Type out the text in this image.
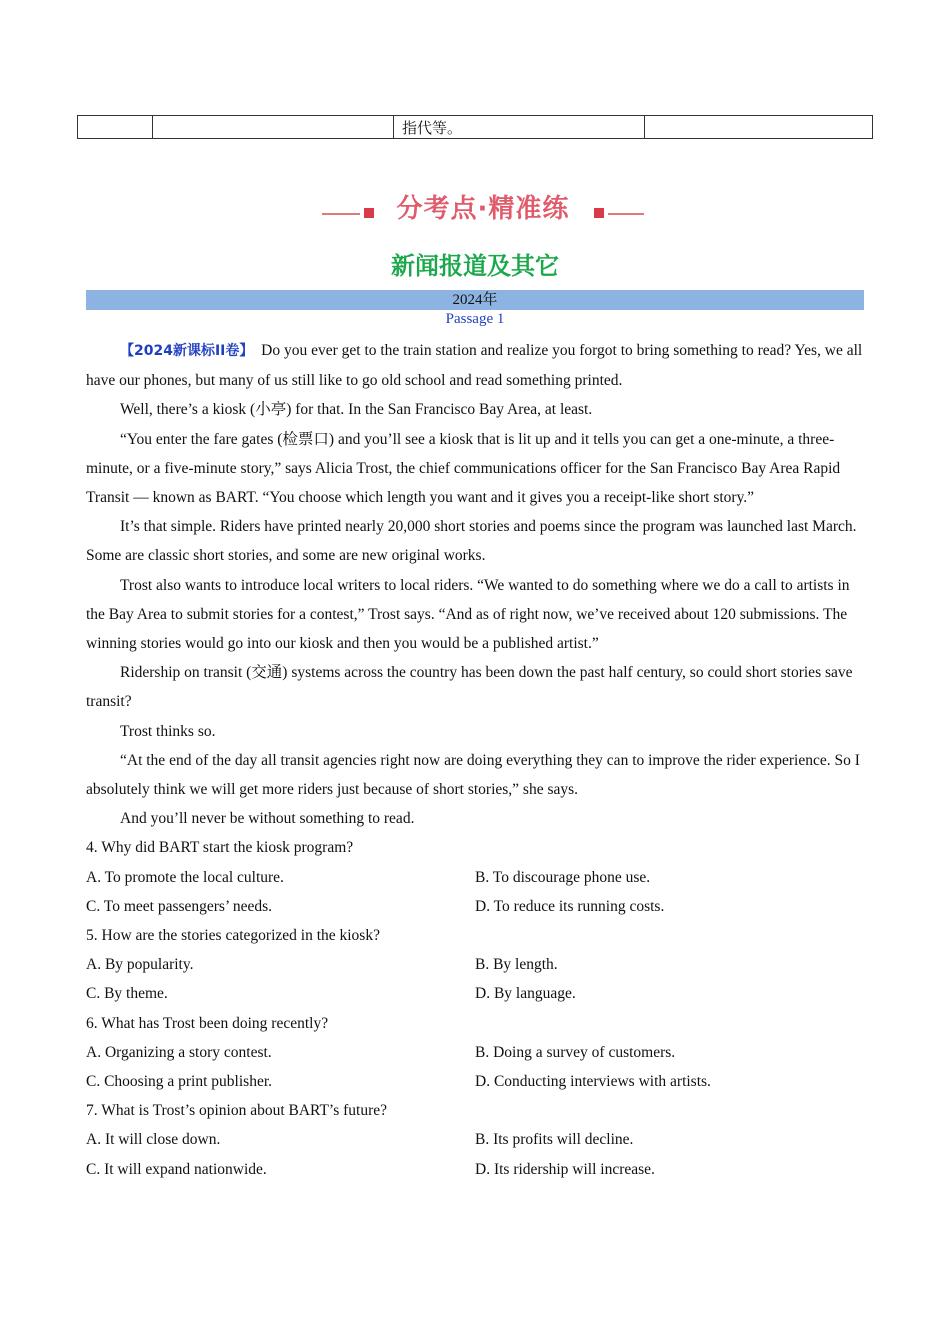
		指代等。	
分考点·精准练
新闻报道及其它
2024年
Passage 1

【2024新课标ⅠⅠ卷】 Do you ever get to the train station and realize you forgot to bring something to read? Yes, we all have our phones, but many of us still like to go old school and read something printed.

Well, there’s a kiosk (小亭) for that. In the San Francisco Bay Area, at least.

“You enter the fare gates (检票口) and you’ll see a kiosk that is lit up and it tells you can get a one-minute, a three-minute, or a five-minute story,” says Alicia Trost, the chief communications officer for the San Francisco Bay Area Rapid Transit — known as BART. “You choose which length you want and it gives you a receipt-like short story.”

It’s that simple. Riders have printed nearly 20,000 short stories and poems since the program was launched last March. Some are classic short stories, and some are new original works.

Trost also wants to introduce local writers to local riders. “We wanted to do something where we do a call to artists in the Bay Area to submit stories for a contest,” Trost says. “And as of right now, we’ve received about 120 submissions. The winning stories would go into our kiosk and then you would be a published artist.”

Ridership on transit (交通) systems across the country has been down the past half century, so could short stories save transit?

Trost thinks so.

“At the end of the day all transit agencies right now are doing everything they can to improve the rider experience. So I absolutely think we will get more riders just because of short stories,” she says.

And you’ll never be without something to read.

4. Why did BART start the kiosk program?
A. To promote the local culture.	B. To discourage phone use.
C. To meet passengers’ needs.	D. To reduce its running costs.
5. How are the stories categorized in the kiosk?
A. By popularity.	B. By length.
C. By theme.	D. By language.
6. What has Trost been doing recently?
A. Organizing a story contest.	B. Doing a survey of customers.
C. Choosing a print publisher.	D. Conducting interviews with artists.
7. What is Trost’s opinion about BART’s future?
A. It will close down.	B. Its profits will decline.
C. It will expand nationwide.	D. Its ridership will increase.
